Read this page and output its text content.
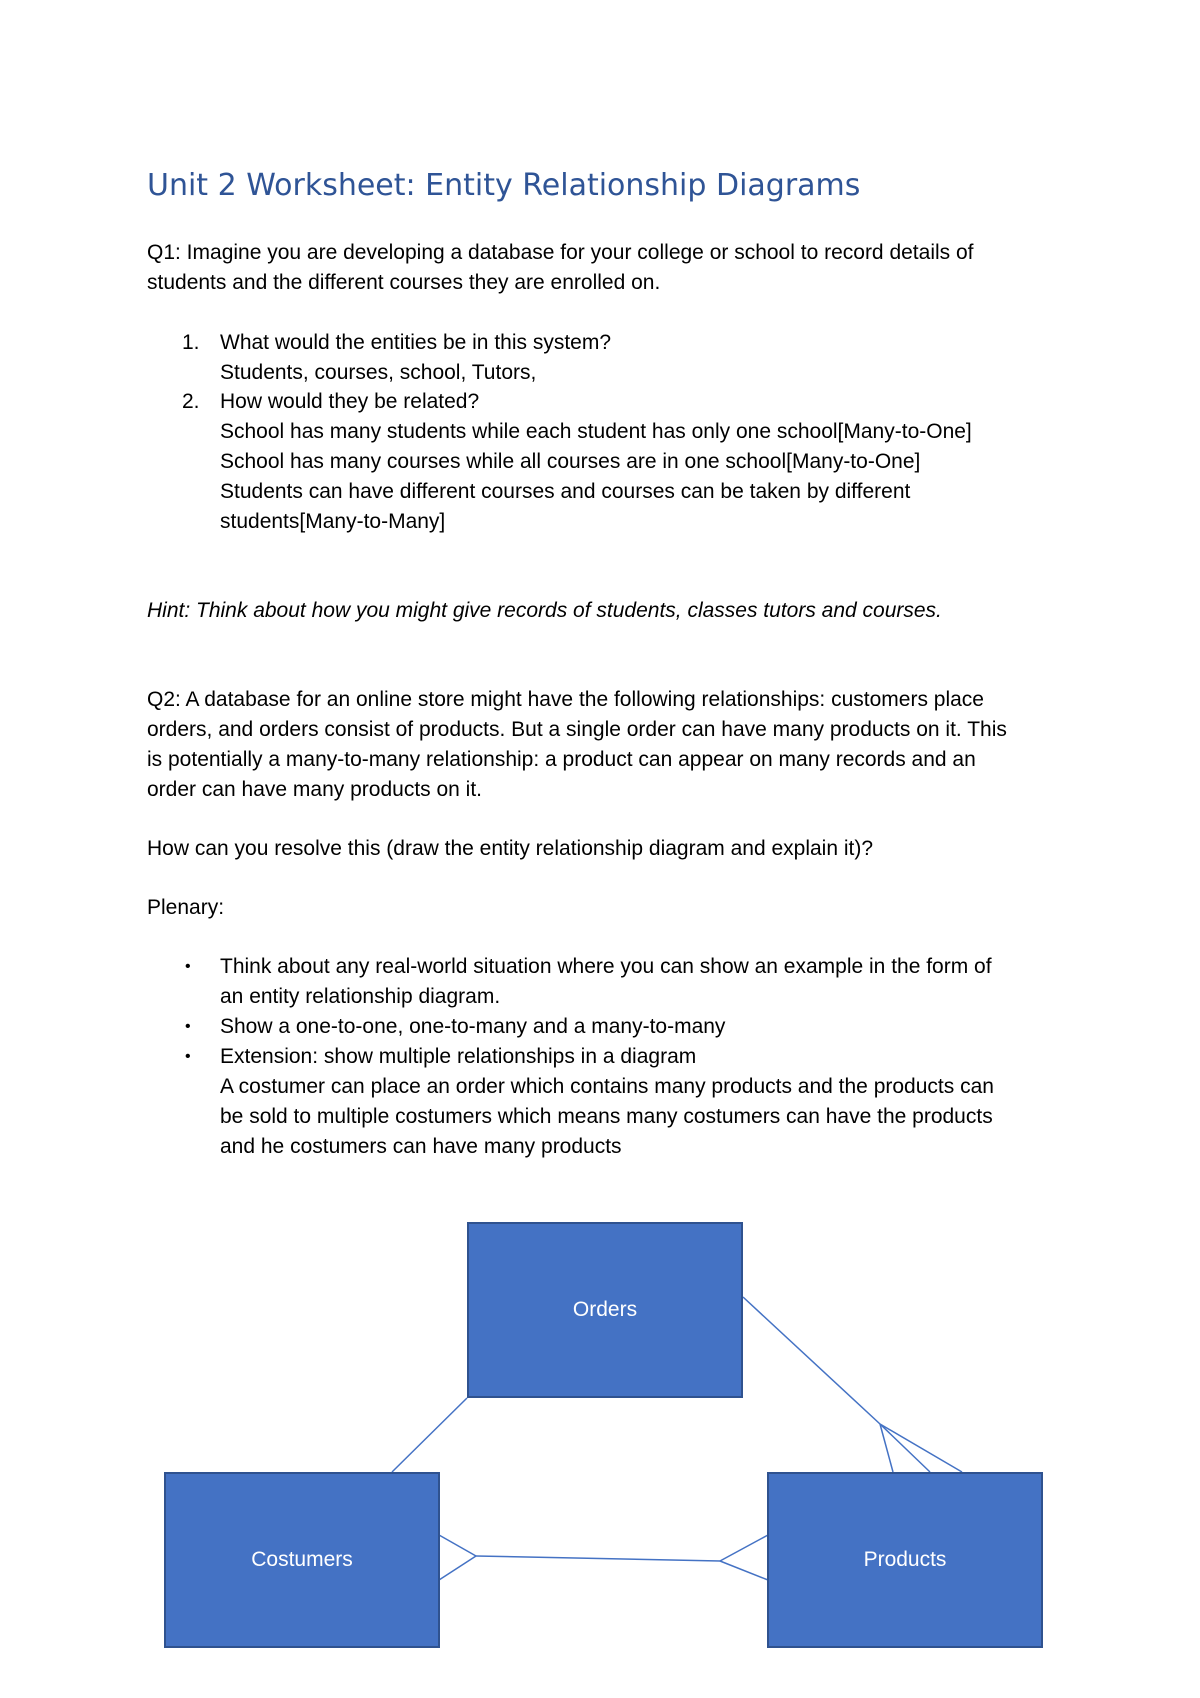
Unit 2 Worksheet: Entity Relationship Diagrams
Q1: Imagine you are developing a database for your college or school to record details of
students and the different courses they are enrolled on.
1. What would the entities be in this system?
Students, courses, school, Tutors,
2. How would they be related?
School has many students while each student has only one school[Many-to-One]
School has many courses while all courses are in one school[Many-to-One]
Students can have different courses and courses can be taken by different
students[Many-to-Many]
Hint: Think about how you might give records of students, classes tutors and courses.
Q2: A database for an online store might have the following relationships: customers place
orders, and orders consist of products. But a single order can have many products on it. This
is potentially a many-to-many relationship: a product can appear on many records and an
order can have many products on it.
How can you resolve this (draw the entity relationship diagram and explain it)?
Plenary:
•	Think about any real-world situation where you can show an example in the form of
an entity relationship diagram.
•	Show a one-to-one, one-to-many and a many-to-many
•	Extension: show multiple relationships in a diagram
A costumer can place an order which contains many products and the products can
be sold to multiple costumers which means many costumers can have the products
and he costumers can have many products
Orders
Costumers	Products
